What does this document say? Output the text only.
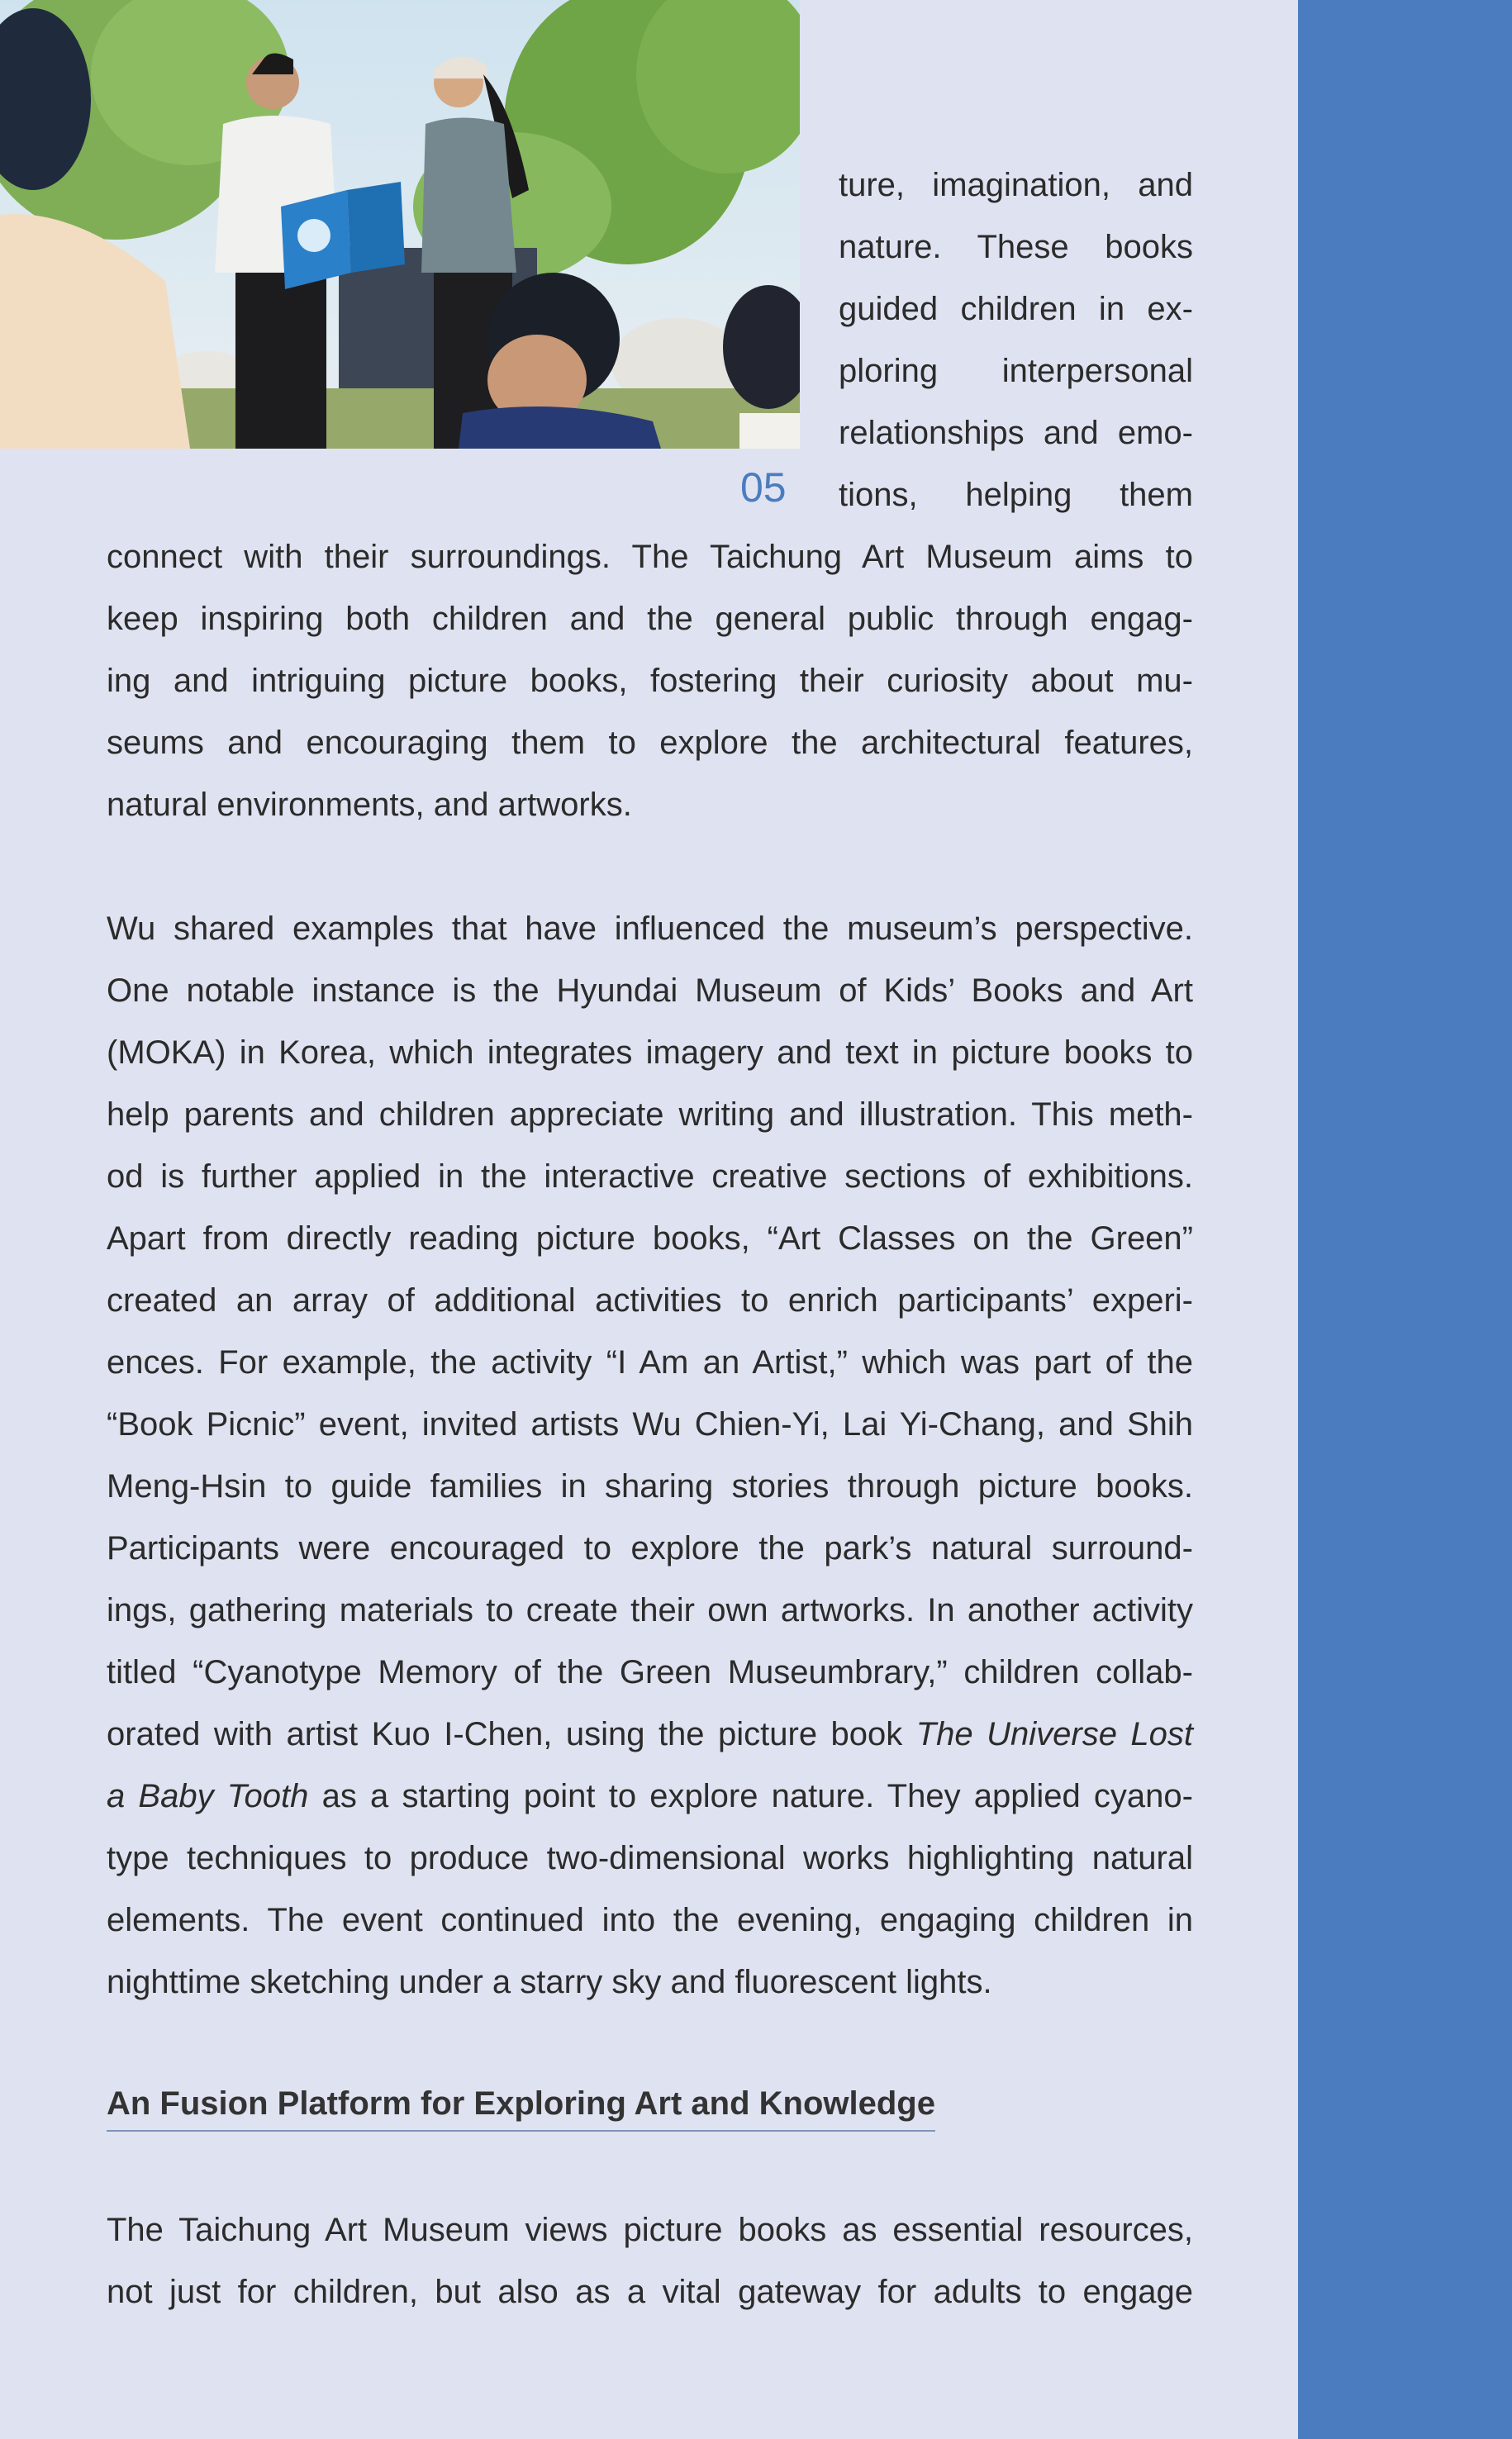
05
ture, imagination, and
nature. These books
guided children in ex-
ploring interpersonal
relationships and emo-
tions, helping them
connect with their surroundings. The Taichung Art Museum aims to
keep inspiring both children and the general public through engag-
ing and intriguing picture books, fostering their curiosity about mu-
seums and encouraging them to explore the architectural features,
natural environments, and artworks.
Wu shared examples that have influenced the museum’s perspective.
One notable instance is the Hyundai Museum of Kids’ Books and Art
(MOKA) in Korea, which integrates imagery and text in picture books to
help parents and children appreciate writing and illustration. This meth-
od is further applied in the interactive creative sections of exhibitions.
Apart from directly reading picture books, “Art Classes on the Green”
created an array of additional activities to enrich participants’ experi-
ences. For example, the activity “I Am an Artist,” which was part of the
“Book Picnic” event, invited artists Wu Chien-Yi, Lai Yi-Chang, and Shih
Meng-Hsin to guide families in sharing stories through picture books.
Participants were encouraged to explore the park’s natural surround-
ings, gathering materials to create their own artworks. In another activity
titled “Cyanotype Memory of the Green Museumbrary,” children collab-
orated with artist Kuo I-Chen, using the picture book The Universe Lost
a Baby Tooth as a starting point to explore nature. They applied cyano-
type techniques to produce two-dimensional works highlighting natural
elements. The event continued into the evening, engaging children in
nighttime sketching under a starry sky and fluorescent lights.
An Fusion Platform for Exploring Art and Knowledge
The Taichung Art Museum views picture books as essential resources,
not just for children, but also as a vital gateway for adults to engage
